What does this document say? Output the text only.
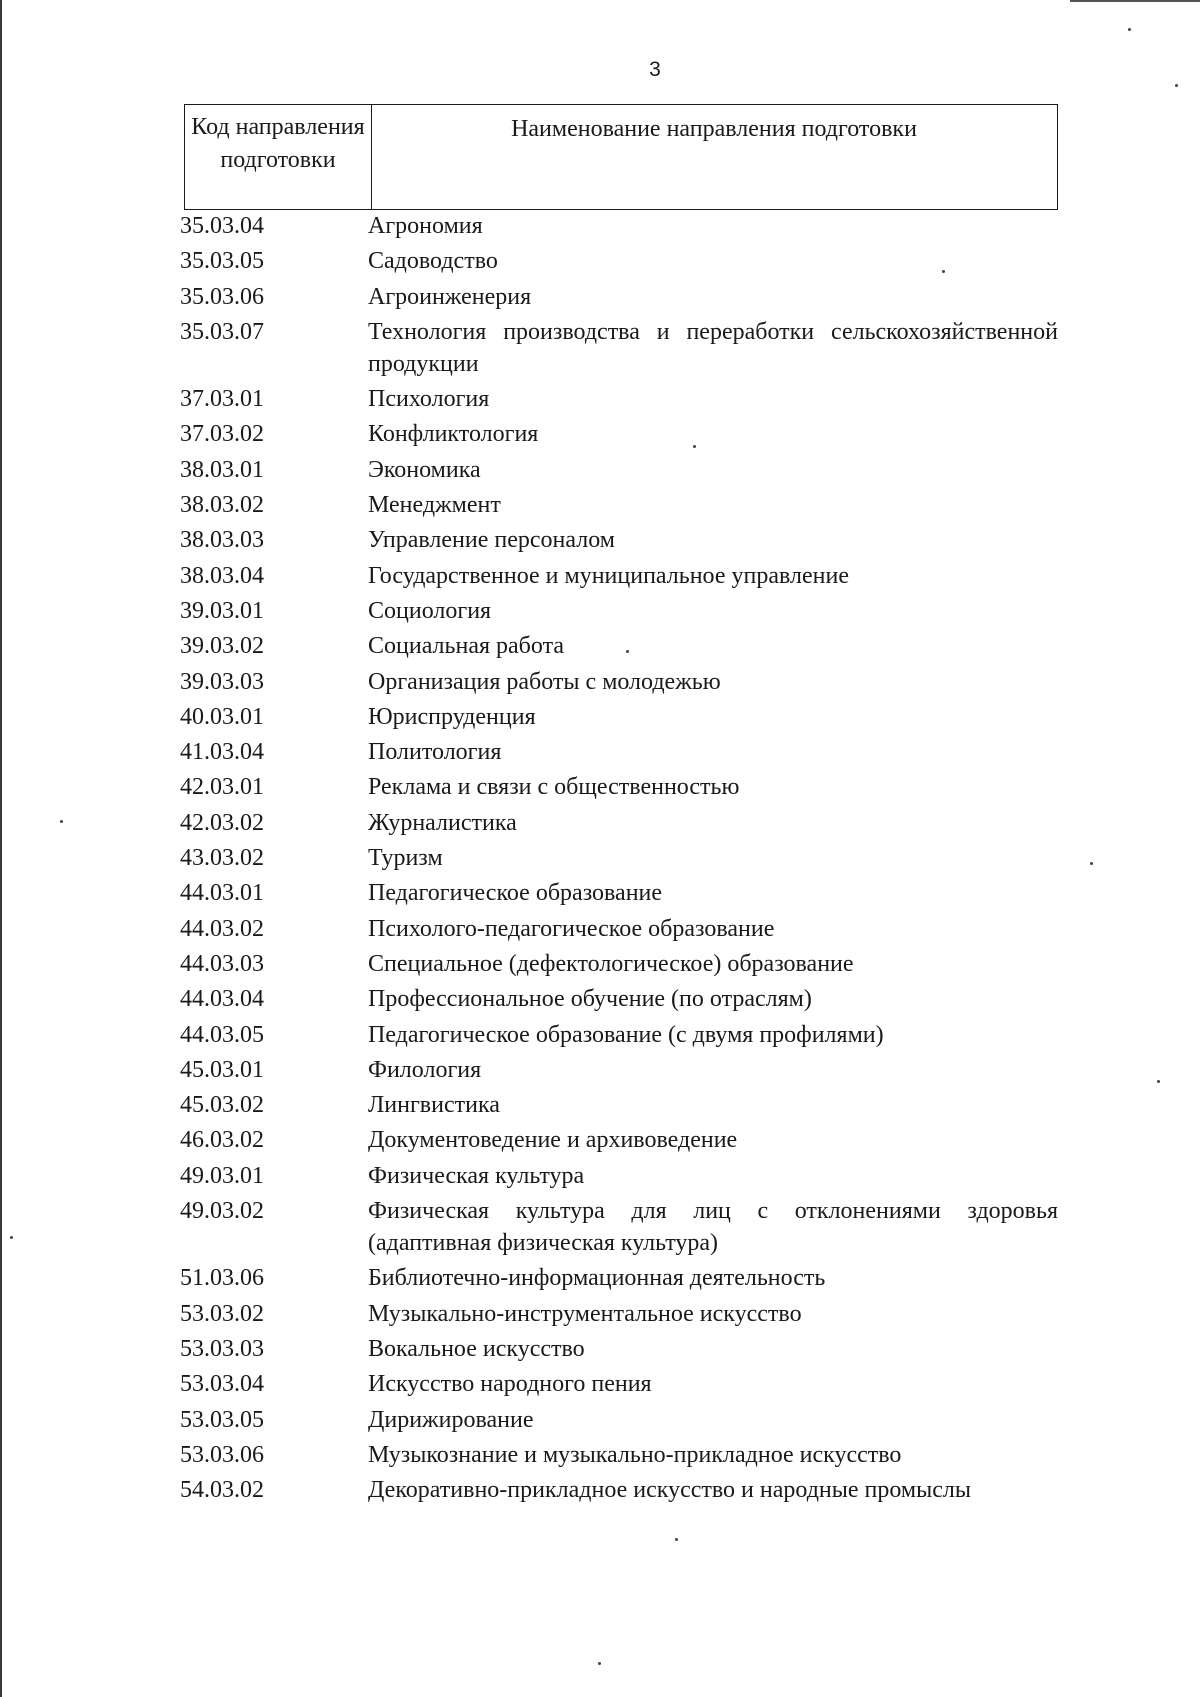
3
Код направления подготовки
Наименование направления подготовки
35.03.04	Агрономия
35.03.05	Садоводство
35.03.06	Агроинженерия
35.03.07	Технология производства и переработки сельскохозяйственной продукции
37.03.01	Психология
37.03.02	Конфликтология
38.03.01	Экономика
38.03.02	Менеджмент
38.03.03	Управление персоналом
38.03.04	Государственное и муниципальное управление
39.03.01	Социология
39.03.02	Социальная работа
39.03.03	Организация работы с молодежью
40.03.01	Юриспруденция
41.03.04	Политология
42.03.01	Реклама и связи с общественностью
42.03.02	Журналистика
43.03.02	Туризм
44.03.01	Педагогическое образование
44.03.02	Психолого-педагогическое образование
44.03.03	Специальное (дефектологическое) образование
44.03.04	Профессиональное обучение (по отраслям)
44.03.05	Педагогическое образование (с двумя профилями)
45.03.01	Филология
45.03.02	Лингвистика
46.03.02	Документоведение и архивоведение
49.03.01	Физическая культура
49.03.02	Физическая культура для лиц с отклонениями здоровья (адаптивная физическая культура)
51.03.06	Библиотечно-информационная деятельность
53.03.02	Музыкально-инструментальное искусство
53.03.03	Вокальное искусство
53.03.04	Искусство народного пения
53.03.05	Дирижирование
53.03.06	Музыкознание и музыкально-прикладное искусство
54.03.02	Декоративно-прикладное искусство и народные промыслы
